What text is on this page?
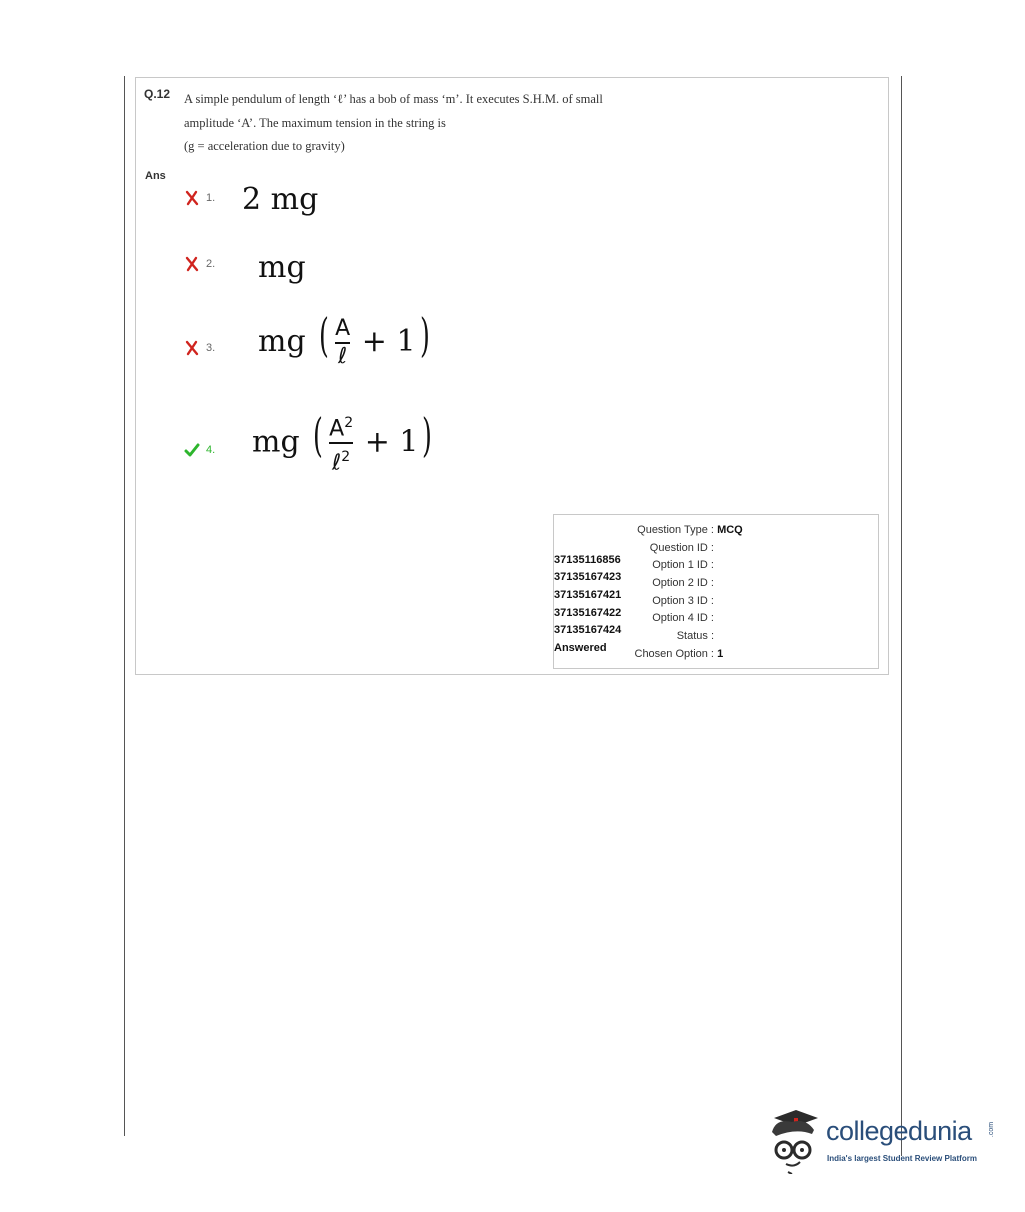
Q.12 A simple pendulum of length ‘ℓ’ has a bob of mass ‘m’. It executes S.H.M. of small
amplitude ‘A’. The maximum tension in the string is
(g = acceleration due to gravity)
Ans
1. 2 mg
2. mg
3. mg ( $\frac{A}{\text{ℓ}} + 1$)
4. mg ( $\frac{A^2}{\ell^2} + 1$)
Question Type : MCQ
Question ID : 37135116856	Option 1 ID : 37135167423	Option 2 ID : 37135167421	Option 3 ID : 37135167422	Option 4 ID : 37135167424	Status : Answered	Chosen Option : 1
collegedunia .com
India's largest Student Review Platform
